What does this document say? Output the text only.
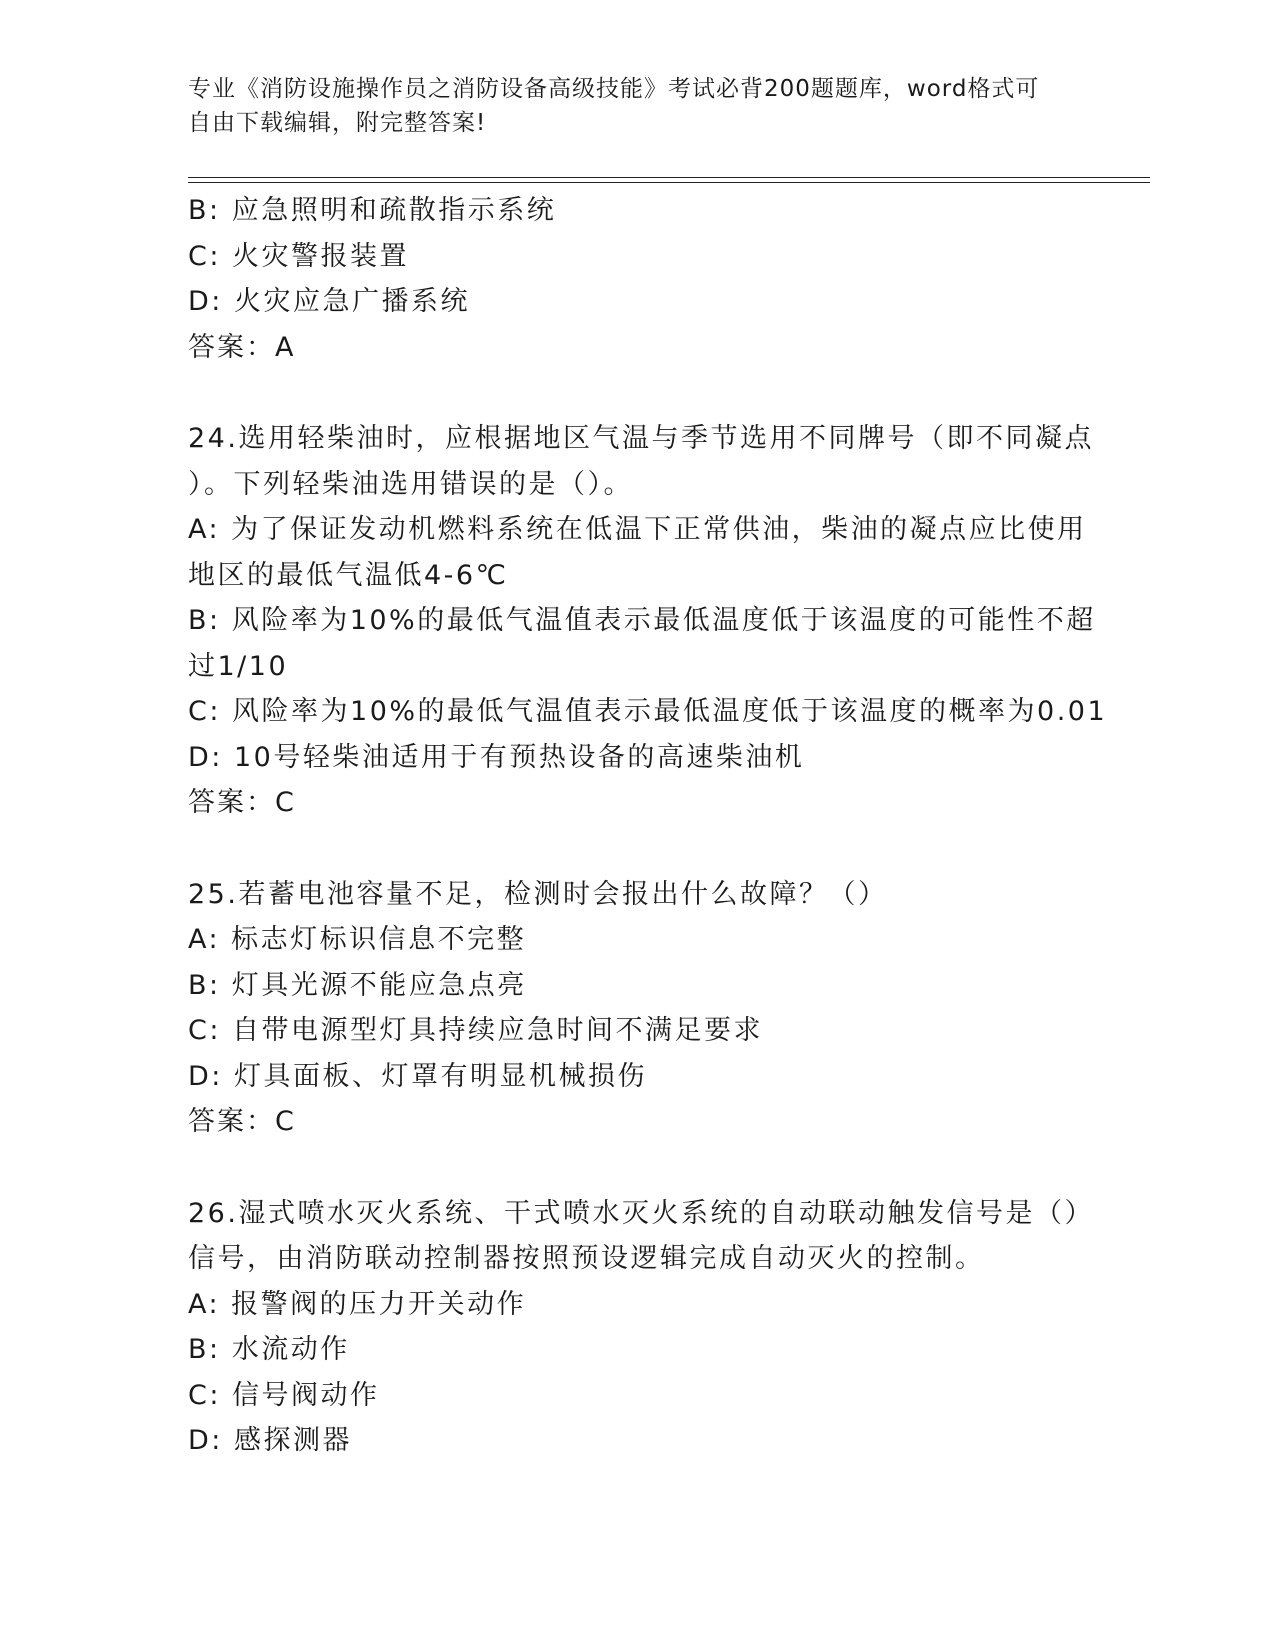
专业《消防设施操作员之消防设备高级技能》考试必背200题题库，word格式可
自由下载编辑，附完整答案!
B: 应急照明和疏散指示系统
C: 火灾警报装置
D: 火灾应急广播系统
答案：A
24.选用轻柴油时，应根据地区气温与季节选用不同牌号（即不同凝点
）。下列轻柴油选用错误的是（）。
A: 为了保证发动机燃料系统在低温下正常供油，柴油的凝点应比使用
地区的最低气温低4-6℃
B: 风险率为10%的最低气温值表示最低温度低于该温度的可能性不超
过1/10
C: 风险率为10%的最低气温值表示最低温度低于该温度的概率为0.01
D: 10号轻柴油适用于有预热设备的高速柴油机
答案：C
25.若蓄电池容量不足，检测时会报出什么故障？（）
A: 标志灯标识信息不完整
B: 灯具光源不能应急点亮
C: 自带电源型灯具持续应急时间不满足要求
D: 灯具面板、灯罩有明显机械损伤
答案：C
26.湿式喷水灭火系统、干式喷水灭火系统的自动联动触发信号是（）
信号，由消防联动控制器按照预设逻辑完成自动灭火的控制。
A: 报警阀的压力开关动作
B: 水流动作
C: 信号阀动作
D: 感探测器
